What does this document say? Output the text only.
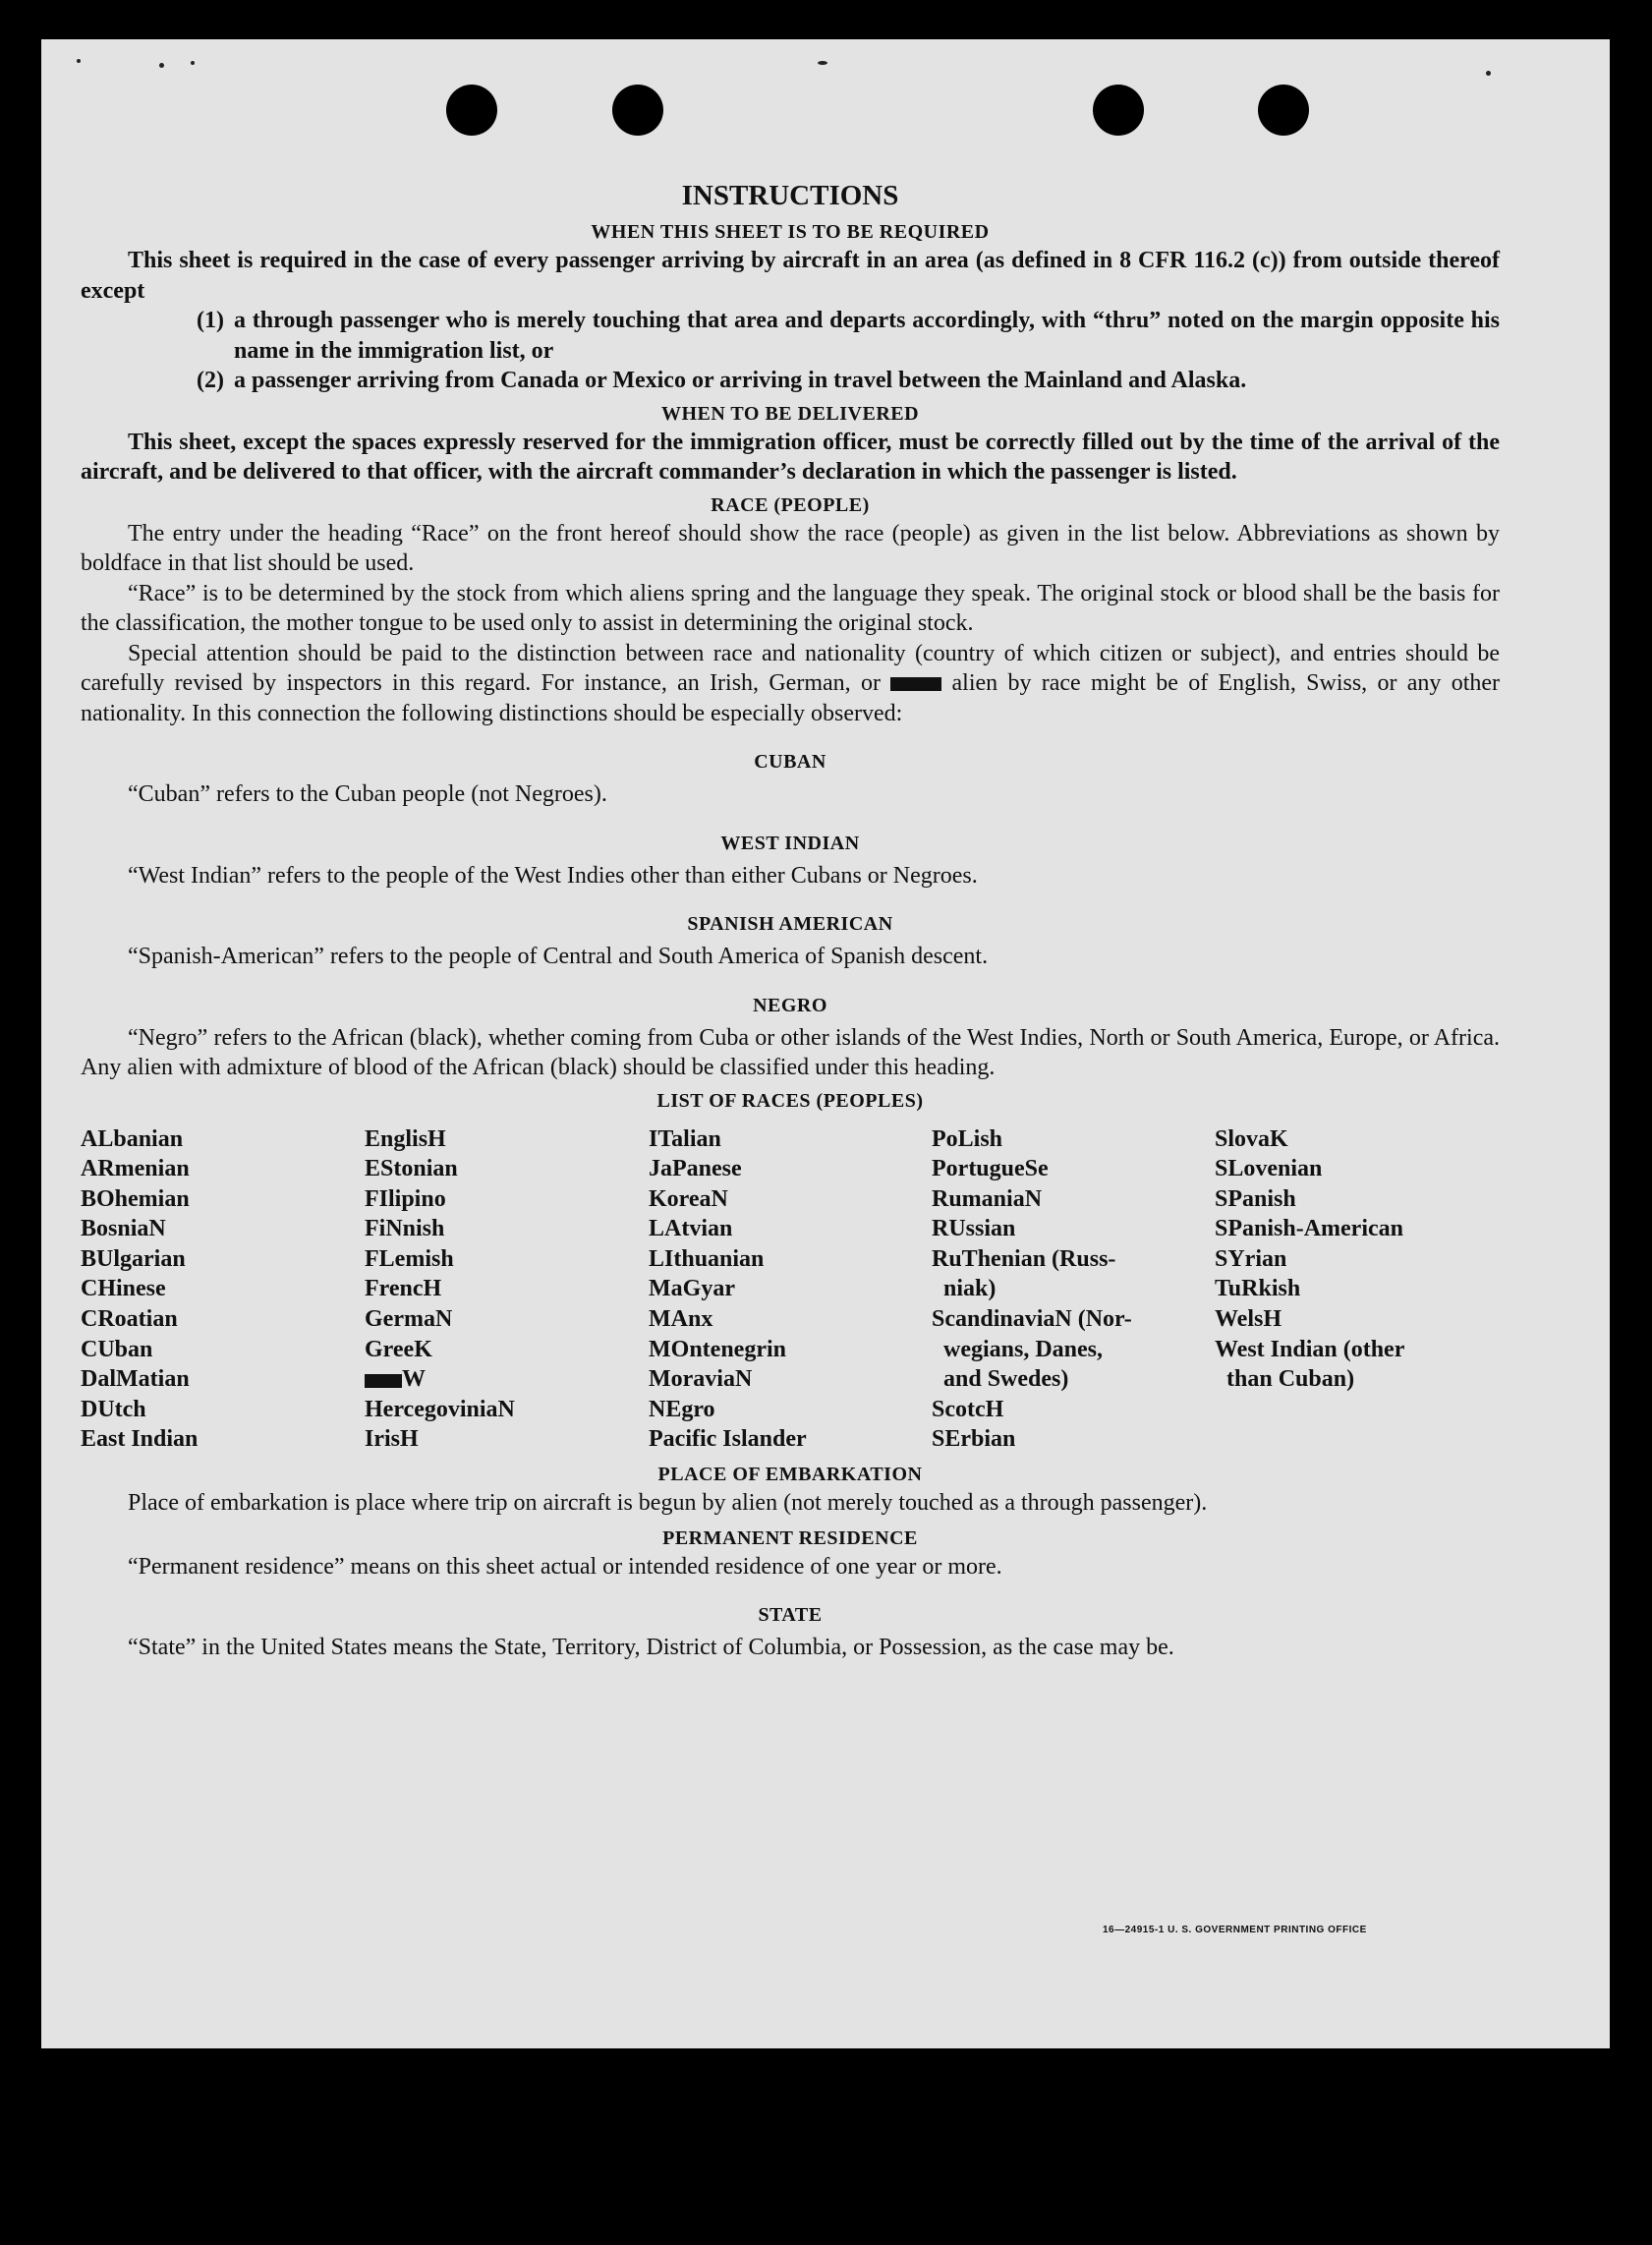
INSTRUCTIONS
WHEN THIS SHEET IS TO BE REQUIRED

This sheet is required in the case of every passenger arriving by aircraft in an area (as defined in 8 CFR 116.2 (c)) from outside thereof except

(1) a through passenger who is merely touching that area and departs accordingly, with “thru” noted on the margin opposite his name in the immigration list, or
(2) a passenger arriving from Canada or Mexico or arriving in travel between the Mainland and Alaska.
WHEN TO BE DELIVERED

This sheet, except the spaces expressly reserved for the immigration officer, must be correctly filled out by the time of the arrival of the aircraft, and be delivered to that officer, with the aircraft commander’s declaration in which the passenger is listed.

RACE (PEOPLE)

The entry under the heading “Race” on the front hereof should show the race (people) as given in the list below. Abbreviations as shown by boldface in that list should be used.

“Race” is to be determined by the stock from which aliens spring and the language they speak. The original stock or blood shall be the basis for the classification, the mother tongue to be used only to assist in determining the original stock.

Special attention should be paid to the distinction between race and nationality (country of which citizen or subject), and entries should be carefully revised by inspectors in this regard. For instance, an Irish, German, or	alien by race might be of English, Swiss, or any other nationality. In this connection the following distinctions should be especially observed:

CUBAN

“Cuban” refers to the Cuban people (not Negroes).

WEST INDIAN

“West Indian” refers to the people of the West Indies other than either Cubans or Negroes.

SPANISH AMERICAN

“Spanish-American” refers to the people of Central and South America of Spanish descent.

NEGRO

“Negro” refers to the African (black), whether coming from Cuba or other islands of the West Indies, North or South America, Europe, or Africa. Any alien with admixture of blood of the African (black) should be classified under this heading.

LIST OF RACES (PEOPLES)
ALbanian	EnglisH	ITalian	PoLish	SlovaK
ARmenian	EStonian	JaPanese	PortugueSe	SLovenian
BOhemian	FIlipino	KoreaN	RumaniaN	SPanish
BosniaN	FiNnish	LAtvian	RUssian	SPanish-American
BUlgarian	FLemish	LIthuanian	RuThenian (Russ-	SYrian
CHinese	FrencH	MaGyar	niak)	TuRkish
CRoatian	GermaN	MAnx	ScandinaviaN (Nor-	WelsH
CUban	GreeK	MOntenegrin	wegians, Danes,	West Indian (other
DalMatian	W	MoraviaN	and Swedes)	than Cuban)
DUtch	HercegoviniaN	NEgro	ScotcH
East Indian	IrisH	Pacific Islander	SErbian
PLACE OF EMBARKATION

Place of embarkation is place where trip on aircraft is begun by alien (not merely touched as a through passenger).

PERMANENT RESIDENCE

“Permanent residence” means on this sheet actual or intended residence of one year or more.

STATE

“State” in the United States means the State, Territory, District of Columbia, or Possession, as the case may be.

16—24915-1 U. S. GOVERNMENT PRINTING OFFICE
